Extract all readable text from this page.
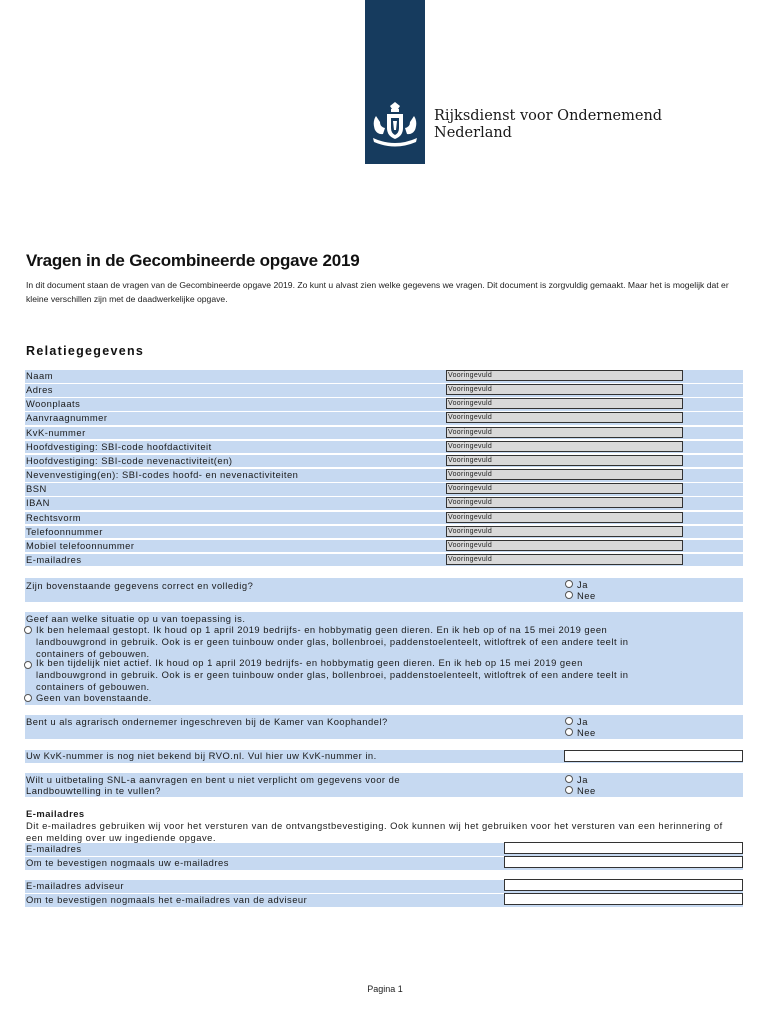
Rijksdienst voor Ondernemend
Nederland
Vragen in de Gecombineerde opgave 2019
In dit document staan de vragen van de Gecombineerde opgave 2019. Zo kunt u alvast zien welke gegevens we vragen. Dit document is zorgvuldig gemaakt. Maar het is mogelijk dat er kleine verschillen zijn met de daadwerkelijke opgave.
Relatiegegevens
Naam	Vooringevuld
Adres	Vooringevuld
Woonplaats	Vooringevuld
Aanvraagnummer	Vooringevuld
KvK-nummer	Vooringevuld
Hoofdvestiging: SBI-code hoofdactiviteit	Vooringevuld
Hoofdvestiging: SBI-code nevenactiviteit(en)	Vooringevuld
Nevenvestiging(en): SBI-codes hoofd- en nevenactiviteiten	Vooringevuld
BSN	Vooringevuld
IBAN	Vooringevuld
Rechtsvorm	Vooringevuld
Telefoonnummer	Vooringevuld
Mobiel telefoonnummer	Vooringevuld
E-mailadres	Vooringevuld
Zijn bovenstaande gegevens correct en volledig?	Ja
Nee
Geef aan welke situatie op u van toepassing is.
Ik ben helemaal gestopt. Ik houd op 1 april 2019 bedrijfs- en hobbymatig geen dieren. En ik heb op of na 15 mei 2019 geen landbouwgrond in gebruik. Ook is er geen tuinbouw onder glas, bollenbroei, paddenstoelenteelt, witloftrek of een andere teelt in containers of gebouwen.
Ik ben tijdelijk niet actief. Ik houd op 1 april 2019 bedrijfs- en hobbymatig geen dieren. En ik heb op 15 mei 2019 geen landbouwgrond in gebruik. Ook is er geen tuinbouw onder glas, bollenbroei, paddenstoelenteelt, witloftrek of een andere teelt in containers of gebouwen.
Geen van bovenstaande.
Bent u als agrarisch ondernemer ingeschreven bij de Kamer van Koophandel?	Ja
Nee
Uw KvK-nummer is nog niet bekend bij RVO.nl. Vul hier uw KvK-nummer in.
Wilt u uitbetaling SNL-a aanvragen en bent u niet verplicht om gegevens voor de
Landbouwtelling in te vullen?
Ja
Nee
E-mailadres
Dit e-mailadres gebruiken wij voor het versturen van de ontvangstbevestiging. Ook kunnen wij het gebruiken voor het versturen van een herinnering of een melding over uw ingediende opgave.
E-mailadres
Om te bevestigen nogmaals uw e-mailadres
E-mailadres adviseur
Om te bevestigen nogmaals het e-mailadres van de adviseur
Pagina 1
